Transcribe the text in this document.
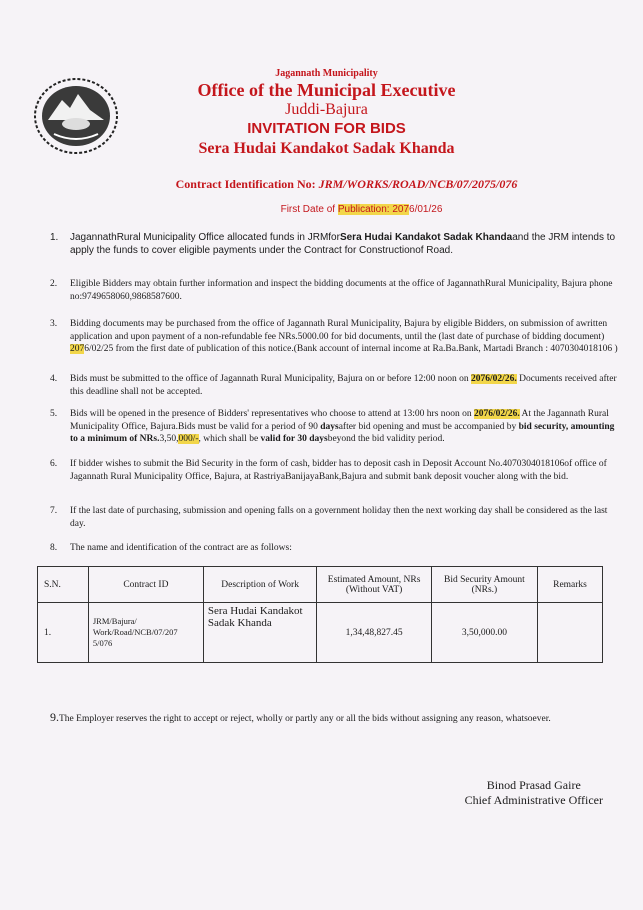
Jagannath Municipality
Office of the Municipal Executive
Juddi-Bajura
INVITATION FOR BIDS
Sera Hudai Kandakot Sadak Khanda
Contract Identification No: JRM/WORKS/ROAD/NCB/07/2075/076
First Date of Publication: 2076/01/26
1.	JagannathRural Municipality Office allocated funds in JRMforSera Hudai Kandakot Sadak Khandaand the JRM intends to apply the funds to cover eligible payments under the Contract for Constructionof Road.
2.	Eligible Bidders may obtain further information and inspect the bidding documents at the office of JagannathRural Municipality, Bajura phone no:9749658060,9868587600.
3.	Bidding documents may be purchased from the office of Jagannath Rural Municipality, Bajura by eligible Bidders, on submission of awritten application and upon payment of a non-refundable fee NRs.5000.00 for bid documents, until the (last date of purchase of bidding document) 2076/02/25 from the first date of publication of this notice.(Bank account of internal income at Ra.Ba.Bank, Martadi Branch : 4070304018106 )
4.	Bids must be submitted to the office of Jagannath Rural Municipality, Bajura on or before 12:00 noon on 2076/02/26. Documents received after this deadline shall not be accepted.
5.	Bids will be opened in the presence of Bidders' representatives who choose to attend at 13:00 hrs noon on 2076/02/26. At the Jagannath Rural Municipality Office, Bajura.Bids must be valid for a period of 90 daysafter bid opening and must be accompanied by bid security, amounting to a minimum of NRs.3,50,000/-, which shall be valid for 30 daysbeyond the bid validity period.
6.	If bidder wishes to submit the Bid Security in the form of cash, bidder has to deposit cash in Deposit Account No.4070304018106of office of Jagannath Rural Municipality Office, Bajura, at RastriyaBanijayaBank,Bajura and submit bank deposit voucher along with the bid.
7.	If the last date of purchasing, submission and opening falls on a government holiday then the next working day shall be considered as the last day.
8.	The name and identification of the contract are as follows:
S.N.	Contract ID	Description of Work	Estimated Amount, NRs (Without VAT)	Bid Security Amount (NRs.)	Remarks
1.	JRM/Bajura/ Work/Road/NCB/07/207 5/076	Sera Hudai Kandakot Sadak Khanda	1,34,48,827.45	3,50,000.00	
9.The Employer reserves the right to accept or reject, wholly or partly any or all the bids without assigning any reason, whatsoever.
Binod Prasad Gaire
Chief Administrative Officer
